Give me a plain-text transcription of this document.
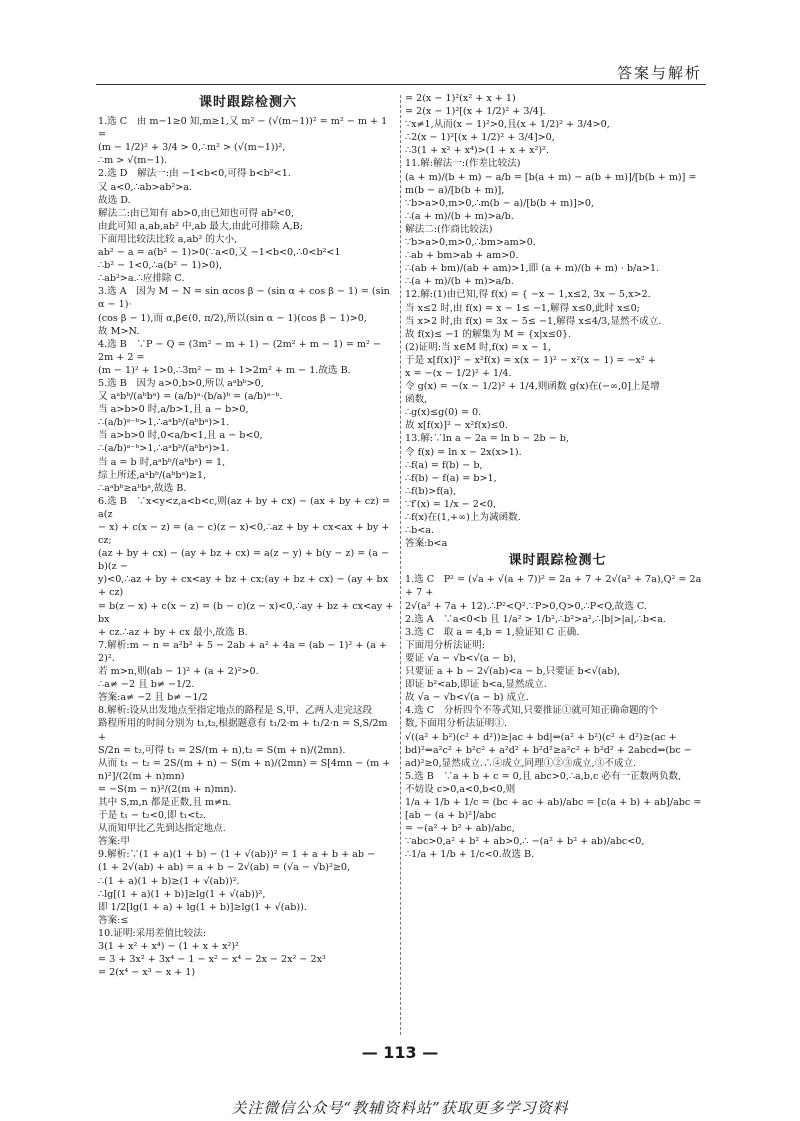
答案与解析
课时跟踪检测六

1.选 C　由 m−1≥0 知,m≥1,又 m² − (√(m−1))² = m² − m + 1 =

(m − 1/2)² + 3/4 > 0,∴m² > (√(m−1))²,

∴m > √(m−1).

2.选 D　解法一:由 −1<b<0,可得 b<b²<1.

又 a<0,∴ab>ab²>a.

故选 D.

解法二:由已知有 ab>0,由已知也可得 ab²<0,

由此可知 a,ab,ab² 中,ab 最大,由此可排除 A,B;

下面用比较法比较 a,ab² 的大小,

ab² − a = a(b² − 1)>0(∵a<0,又 −1<b<0,∴0<b²<1

∴b² − 1<0,∴a(b² − 1)>0),

∴ab²>a.∴应排除 C.

3.选 A　因为 M − N = sin αcos β − (sin α + cos β − 1) = (sin α − 1)·

(cos β − 1),而 α,β∈(0, π/2),所以(sin α − 1)(cos β − 1)>0,

故 M>N.

4.选 B　∵P − Q = (3m² − m + 1) − (2m² + m − 1) = m² − 2m + 2 =

(m − 1)² + 1>0,∴3m² − m + 1>2m² + m − 1.故选 B.

5.选 B　因为 a>0,b>0,所以 aᵃbᵇ>0,

又 aᵃbᵇ/(aᵇbᵃ) = (a/b)ᵃ·(b/a)ᵇ = (a/b)ᵃ⁻ᵇ.

当 a>b>0 时,a/b>1,且 a − b>0,

∴(a/b)ᵃ⁻ᵇ>1,∴aᵃbᵇ/(aᵇbᵃ)>1.

当 a>b>0 时,0<a/b<1,且 a − b<0,

∴(a/b)ᵃ⁻ᵇ>1,∴aᵃbᵇ/(aᵇbᵃ)>1.

当 a = b 时,aᵃbᵇ/(aᵇbᵃ) = 1,

综上所述,aᵃbᵇ/(aᵇbᵃ)≥1,

∴aᵃbᵇ≥aᵇbᵃ,故选 B.

6.选 B　∵x<y<z,a<b<c,则(az + by + cx) − (ax + by + cz) = a(z

− x) + c(x − z) = (a − c)(z − x)<0,∴az + by + cx<ax + by + cz;

(az + by + cx) − (ay + bz + cx) = a(z − y) + b(y − z) = (a − b)(z −

y)<0,∴az + by + cx<ay + bz + cx;(ay + bz + cx) − (ay + bx + cz)

= b(z − x) + c(x − z) = (b − c)(z − x)<0,∴ay + bz + cx<ay + bx

+ cz.∴az + by + cx 最小,故选 B.

7.解析:m − n = a²b² + 5 − 2ab + a² + 4a = (ab − 1)² + (a + 2)².

若 m>n,则(ab − 1)² + (a + 2)²>0.

∴a≠ −2 且 b≠ −1/2.

答案:a≠ −2 且 b≠ −1/2

8.解析:设从出发地点至指定地点的路程是 S,甲、乙两人走完这段

路程所用的时间分别为 t₁,t₂,根据题意有 t₁/2·m + t₁/2·n = S,S/2m +

S/2n = t₂,可得 t₁ = 2S/(m + n),t₂ = S(m + n)/(2mn).

从而 t₁ − t₂ = 2S/(m + n) − S(m + n)/(2mn) = S[4mn − (m + n)²]/(2(m + n)mn)

= −S(m − n)²/(2(m + n)mn).

其中 S,m,n 都是正数,且 m≠n.

于是 t₁ − t₂<0,即 t₁<t₂.

从而知甲比乙先到达指定地点.

答案:甲

9.解析:∵(1 + a)(1 + b) − (1 + √(ab))² = 1 + a + b + ab −

(1 + 2√(ab) + ab) = a + b − 2√(ab) = (√a − √b)²≥0,

∴(1 + a)(1 + b)≥(1 + √(ab))².

∴lg[(1 + a)(1 + b)]≥lg(1 + √(ab))²,

即 1/2[lg(1 + a) + lg(1 + b)]≥lg(1 + √(ab)).

答案:≤

10.证明:采用差值比较法:

3(1 + x² + x⁴) − (1 + x + x²)²

= 3 + 3x² + 3x⁴ − 1 − x² − x⁴ − 2x − 2x² − 2x³

= 2(x⁴ − x³ − x + 1)

= 2(x − 1)²(x² + x + 1)

= 2(x − 1)²[(x + 1/2)² + 3/4].

∵x≠1,从而(x − 1)²>0,且(x + 1/2)² + 3/4>0,

∴2(x − 1)²[(x + 1/2)² + 3/4]>0,

∴3(1 + x² + x⁴)>(1 + x + x²)².

11.解:解法一:(作差比较法)

(a + m)/(b + m) − a/b = [b(a + m) − a(b + m)]/[b(b + m)] = m(b − a)/[b(b + m)],

∵b>a>0,m>0,∴m(b − a)/[b(b + m)]>0,

∴(a + m)/(b + m)>a/b.

解法二:(作商比较法)

∵b>a>0,m>0,∴bm>am>0.

∴ab + bm>ab + am>0.

∴(ab + bm)/(ab + am)>1,即 (a + m)/(b + m) · b/a>1.

∴(a + m)/(b + m)>a/b.

12.解:(1)由已知,得 f(x) = { −x − 1,x≤2, 3x − 5,x>2.

当 x≤2 时,由 f(x) = x − 1≤ −1,解得 x≤0,此时 x≤0;

当 x>2 时,由 f(x) = 3x − 5≤ −1,解得 x≤4/3,显然不成立.

故 f(x)≤ −1 的解集为 M = {x|x≤0}.

(2)证明:当 x∈M 时,f(x) = x − 1,

于是 x[f(x)]² − x²f(x) = x(x − 1)² − x²(x − 1) = −x² +

x = −(x − 1/2)² + 1/4.

令 g(x) = −(x − 1/2)² + 1/4,则函数 g(x)在(−∞,0]上是增

函数,

∴g(x)≤g(0) = 0.

故 x[f(x)]² − x²f(x)≤0.

13.解:∵ln a − 2a = ln b − 2b − b,

令 f(x) = ln x − 2x(x>1).

∴f(a) = f(b) − b,

∴f(b) − f(a) = b>1,

∴f(b)>f(a),

∵f′(x) = 1/x − 2<0,

∴f(x)在(1,+∞)上为减函数.

∴b<a.

答案:b<a

课时跟踪检测七

1.选 C　P² = (√a + √(a + 7))² = 2a + 7 + 2√(a² + 7a),Q² = 2a + 7 +

2√(a² + 7a + 12).∴P²<Q².∵P>0,Q>0,∴P<Q,故选 C.

2.选 A　∵a<0<b 且 1/a² > 1/b²,∴b²>a²,∴|b|>|a|,∴b<a.

3.选 C　取 a = 4,b = 1,验证知 C 正确.

下面用分析法证明:

要证 √a − √b<√(a − b),

只要证 a + b − 2√(ab)<a − b,只要证 b<√(ab),

即证 b²<ab,即证 b<a,显然成立.

故 √a − √b<√(a − b) 成立.

4.选 C　分析四个不等式知,只要推证①就可知正确命题的个

数,下面用分析法证明①.

√((a² + b²)(c² + d²))≥|ac + bd|⇔(a² + b²)(c² + d²)≥(ac +

bd)²⇔a²c² + b²c² + a²d² + b²d²≥a²c² + b²d² + 2abcd⇔(bc −

ad)²≥0,显然成立.∴④成立,同理①②③成立,③不成立.

5.选 B　∵a + b + c = 0,且 abc>0,∴a,b,c 必有一正数两负数,

不妨设 c>0,a<0,b<0,则

1/a + 1/b + 1/c = (bc + ac + ab)/abc = [c(a + b) + ab]/abc = [ab − (a + b)²]/abc

= −(a² + b² + ab)/abc,

∵abc>0,a² + b² + ab>0,∴ −(a² + b² + ab)/abc<0,

∴1/a + 1/b + 1/c<0.故选 B.

— 113 —
关注微信公众号“教辅资料站”获取更多学习资料
